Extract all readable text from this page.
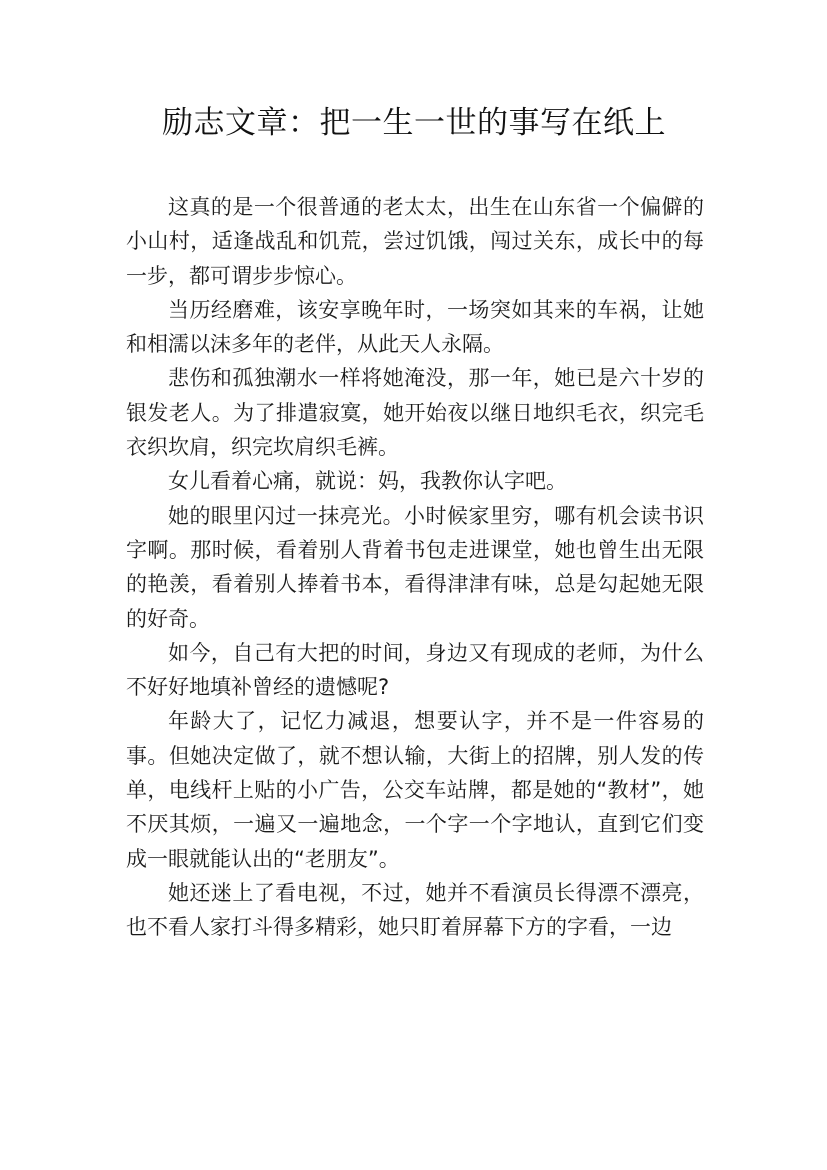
励志文章：把一生一世的事写在纸上

这真的是一个很普通的老太太，出生在山东省一个偏僻的小山村，适逢战乱和饥荒，尝过饥饿，闯过关东，成长中的每一步，都可谓步步惊心。

当历经磨难，该安享晚年时，一场突如其来的车祸，让她和相濡以沫多年的老伴，从此天人永隔。

悲伤和孤独潮水一样将她淹没，那一年，她已是六十岁的银发老人。为了排遣寂寞，她开始夜以继日地织毛衣，织完毛衣织坎肩，织完坎肩织毛裤。

女儿看着心痛，就说：妈，我教你认字吧。

她的眼里闪过一抹亮光。小时候家里穷，哪有机会读书识字啊。那时候，看着别人背着书包走进课堂，她也曾生出无限的艳羡，看着别人捧着书本，看得津津有味，总是勾起她无限的好奇。

如今，自己有大把的时间，身边又有现成的老师，为什么不好好地填补曾经的遗憾呢?

年龄大了，记忆力减退，想要认字，并不是一件容易的事。但她决定做了，就不想认输，大街上的招牌，别人发的传单，电线杆上贴的小广告，公交车站牌，都是她的“教材”，她不厌其烦，一遍又一遍地念，一个字一个字地认，直到它们变成一眼就能认出的“老朋友”。

她还迷上了看电视，不过，她并不看演员长得漂不漂亮，也不看人家打斗得多精彩，她只盯着屏幕下方的字看，一边
